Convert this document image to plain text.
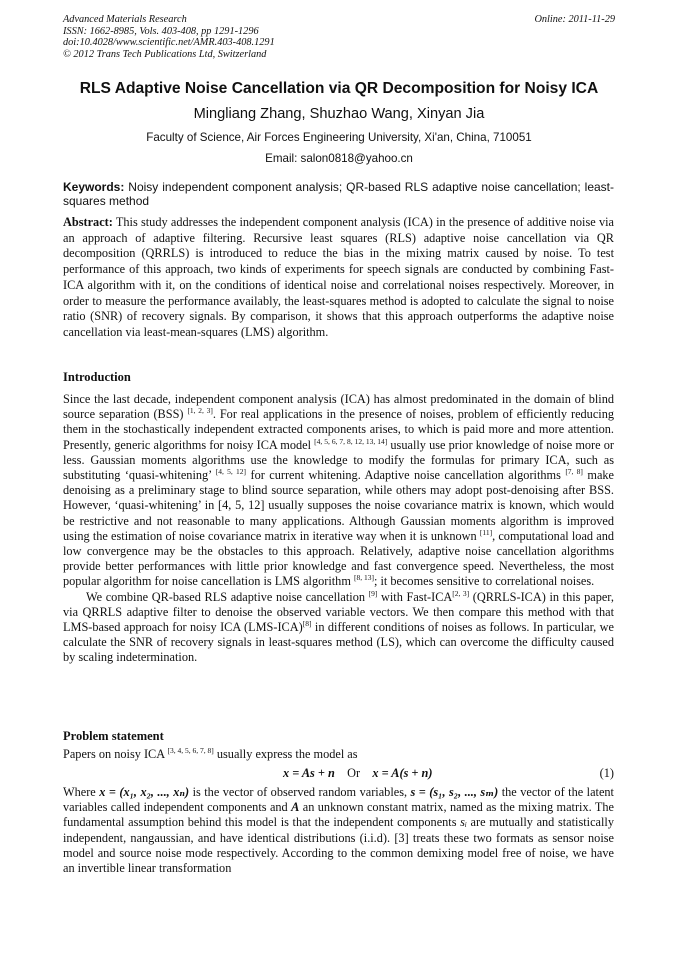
Advanced Materials Research
ISSN: 1662-8985, Vols. 403-408, pp 1291-1296
doi:10.4028/www.scientific.net/AMR.403-408.1291
© 2012 Trans Tech Publications Ltd, Switzerland
Online: 2011-11-29
RLS Adaptive Noise Cancellation via QR Decomposition for Noisy ICA
Mingliang Zhang, Shuzhao Wang, Xinyan Jia
Faculty of Science, Air Forces Engineering University, Xi'an, China, 710051
Email: salon0818@yahoo.cn
Keywords: Noisy independent component analysis; QR-based RLS adaptive noise cancellation; least-squares method
Abstract: This study addresses the independent component analysis (ICA) in the presence of additive noise via an approach of adaptive filtering. Recursive least squares (RLS) adaptive noise cancellation via QR decomposition (QRRLS) is introduced to reduce the bias in the mixing matrix caused by noise. To test performance of this approach, two kinds of experiments for speech signals are conducted by combining Fast-ICA algorithm with it, on the conditions of identical noise and correlational noises respectively. Moreover, in order to measure the performance availably, the least-squares method is adopted to calculate the signal to noise ratio (SNR) of recovery signals. By comparison, it shows that this approach outperforms the adaptive noise cancellation via least-mean-squares (LMS) algorithm.
Introduction

Since the last decade, independent component analysis (ICA) has almost predominated in the domain of blind source separation (BSS) [1, 2, 3]. For real applications in the presence of noises, problem of efficiently reducing them in the stochastically independent extracted components arises, to which is paid more and more attention. Presently, generic algorithms for noisy ICA model [4, 5, 6, 7, 8, 12, 13, 14] usually use prior knowledge of noise more or less. Gaussian moments algorithms use the knowledge to modify the formulas for primary ICA, such as substituting ‘quasi-whitening’ [4, 5, 12] for current whitening. Adaptive noise cancellation algorithms [7, 8] make denoising as a preliminary stage to blind source separation, while others may adopt post-denoising after BSS. However, ‘quasi-whitening’ in [4, 5, 12] usually supposes the noise covariance matrix is known, which would be restrictive and not reasonable to many applications. Although Gaussian moments algorithm is improved using the estimation of noise covariance matrix in iterative way when it is unknown [11], computational load and low convergence may be the obstacles to this approach. Relatively, adaptive noise cancellation algorithms provide better performances with little prior knowledge and fast convergence speed. Nevertheless, the most popular algorithm for noise cancellation is LMS algorithm [8, 13]; it becomes sensitive to correlational noises.

We combine QR-based RLS adaptive noise cancellation [9] with Fast-ICA[2, 3] (QRRLS-ICA) in this paper, via QRRLS adaptive filter to denoise the observed variable vectors. We then compare this method with that LMS-based approach for noisy ICA (LMS-ICA)[8] in different conditions of noises as follows. In particular, we calculate the SNR of recovery signals in least-squares method (LS), which can overcome the difficulty caused by scaling indetermination.

Problem statement
Papers on noisy ICA [3, 4, 5, 6, 7, 8] usually express the model as
x = As + n Or x = A(s + n)	(1)
Where x = (x₁, x₂, ..., xₙ) is the vector of observed random variables, s = (s₁, s₂, ..., sₘ) the vector of the latent variables called independent components and A an unknown constant matrix, named as the mixing matrix. The fundamental assumption behind this model is that the independent components sᵢ are mutually and statistically independent, nangaussian, and have identical distributions (i.i.d). [3] treats these two formats as sensor noise model and source noise mode respectively. According to the common demixing model free of noise, we have an invertible linear transformation
